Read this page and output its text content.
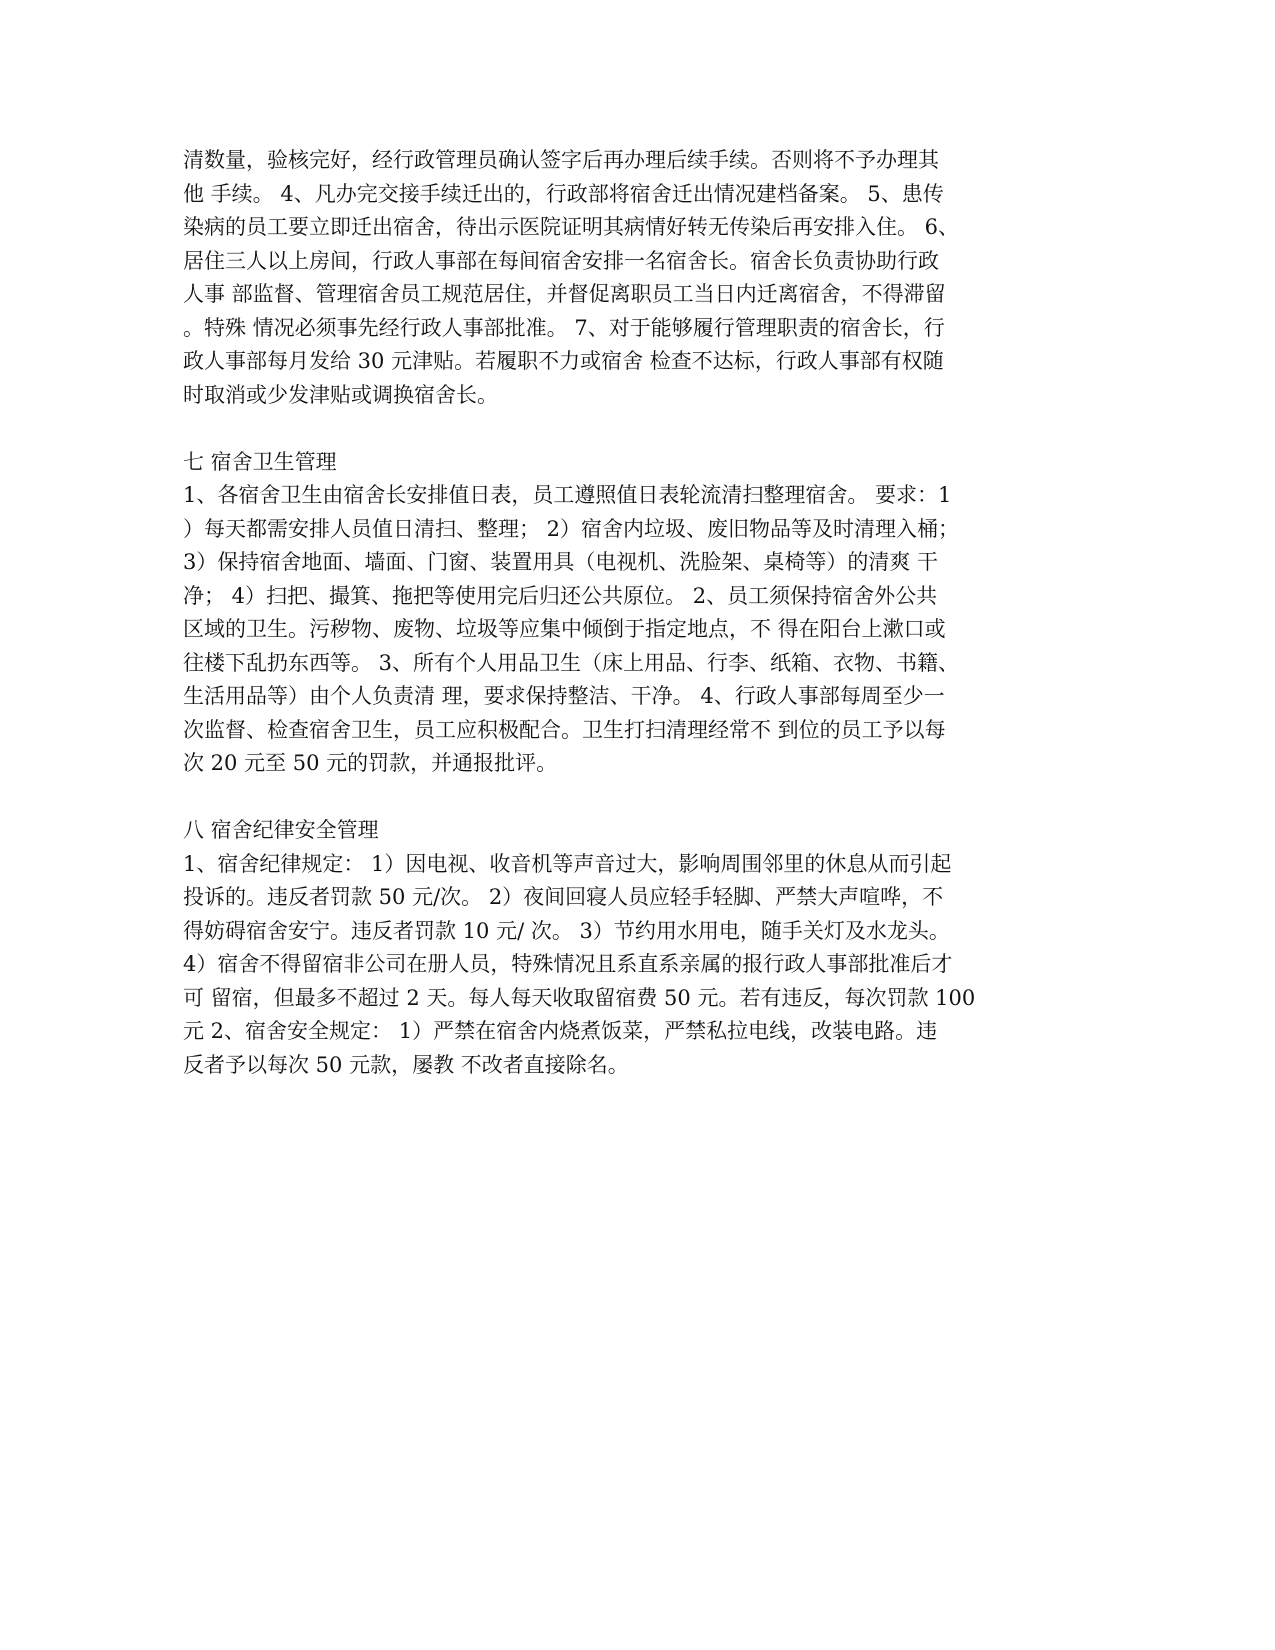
清数量，验核完好，经行政管理员确认签字后再办理后续手续。否则将不予办理其
他 手续。 4、凡办完交接手续迁出的，行政部将宿舍迁出情况建档备案。 5、患传
染病的员工要立即迁出宿舍，待出示医院证明其病情好转无传染后再安排入住。 6、
居住三人以上房间，行政人事部在每间宿舍安排一名宿舍长。宿舍长负责协助行政
人事 部监督、管理宿舍员工规范居住，并督促离职员工当日内迁离宿舍，不得滞留
。特殊 情况必须事先经行政人事部批准。 7、对于能够履行管理职责的宿舍长，行
政人事部每月发给 30 元津贴。若履职不力或宿舍 检查不达标，行政人事部有权随
时取消或少发津贴或调换宿舍长。
七 宿舍卫生管理
1、各宿舍卫生由宿舍长安排值日表，员工遵照值日表轮流清扫整理宿舍。 要求：1
）每天都需安排人员值日清扫、整理； 2）宿舍内垃圾、废旧物品等及时清理入桶；
3）保持宿舍地面、墙面、门窗、装置用具（电视机、洗脸架、桌椅等）的清爽 干
净； 4）扫把、撮箕、拖把等使用完后归还公共原位。 2、员工须保持宿舍外公共
区域的卫生。污秽物、废物、垃圾等应集中倾倒于指定地点，不 得在阳台上漱口或
往楼下乱扔东西等。 3、所有个人用品卫生（床上用品、行李、纸箱、衣物、书籍、
生活用品等）由个人负责清 理，要求保持整洁、干净。 4、行政人事部每周至少一
次监督、检查宿舍卫生，员工应积极配合。卫生打扫清理经常不 到位的员工予以每
次 20 元至 50 元的罚款，并通报批评。
八 宿舍纪律安全管理
1、宿舍纪律规定： 1）因电视、收音机等声音过大，影响周围邻里的休息从而引起
投诉的。违反者罚款 50 元/次。 2）夜间回寝人员应轻手轻脚、严禁大声喧哗，不
得妨碍宿舍安宁。违反者罚款 10 元/ 次。 3）节约用水用电，随手关灯及水龙头。
4）宿舍不得留宿非公司在册人员，特殊情况且系直系亲属的报行政人事部批准后才
可 留宿，但最多不超过 2 天。每人每天收取留宿费 50 元。若有违反，每次罚款 100
元 2、宿舍安全规定： 1）严禁在宿舍内烧煮饭菜，严禁私拉电线，改装电路。违
反者予以每次 50 元款，屡教 不改者直接除名。
